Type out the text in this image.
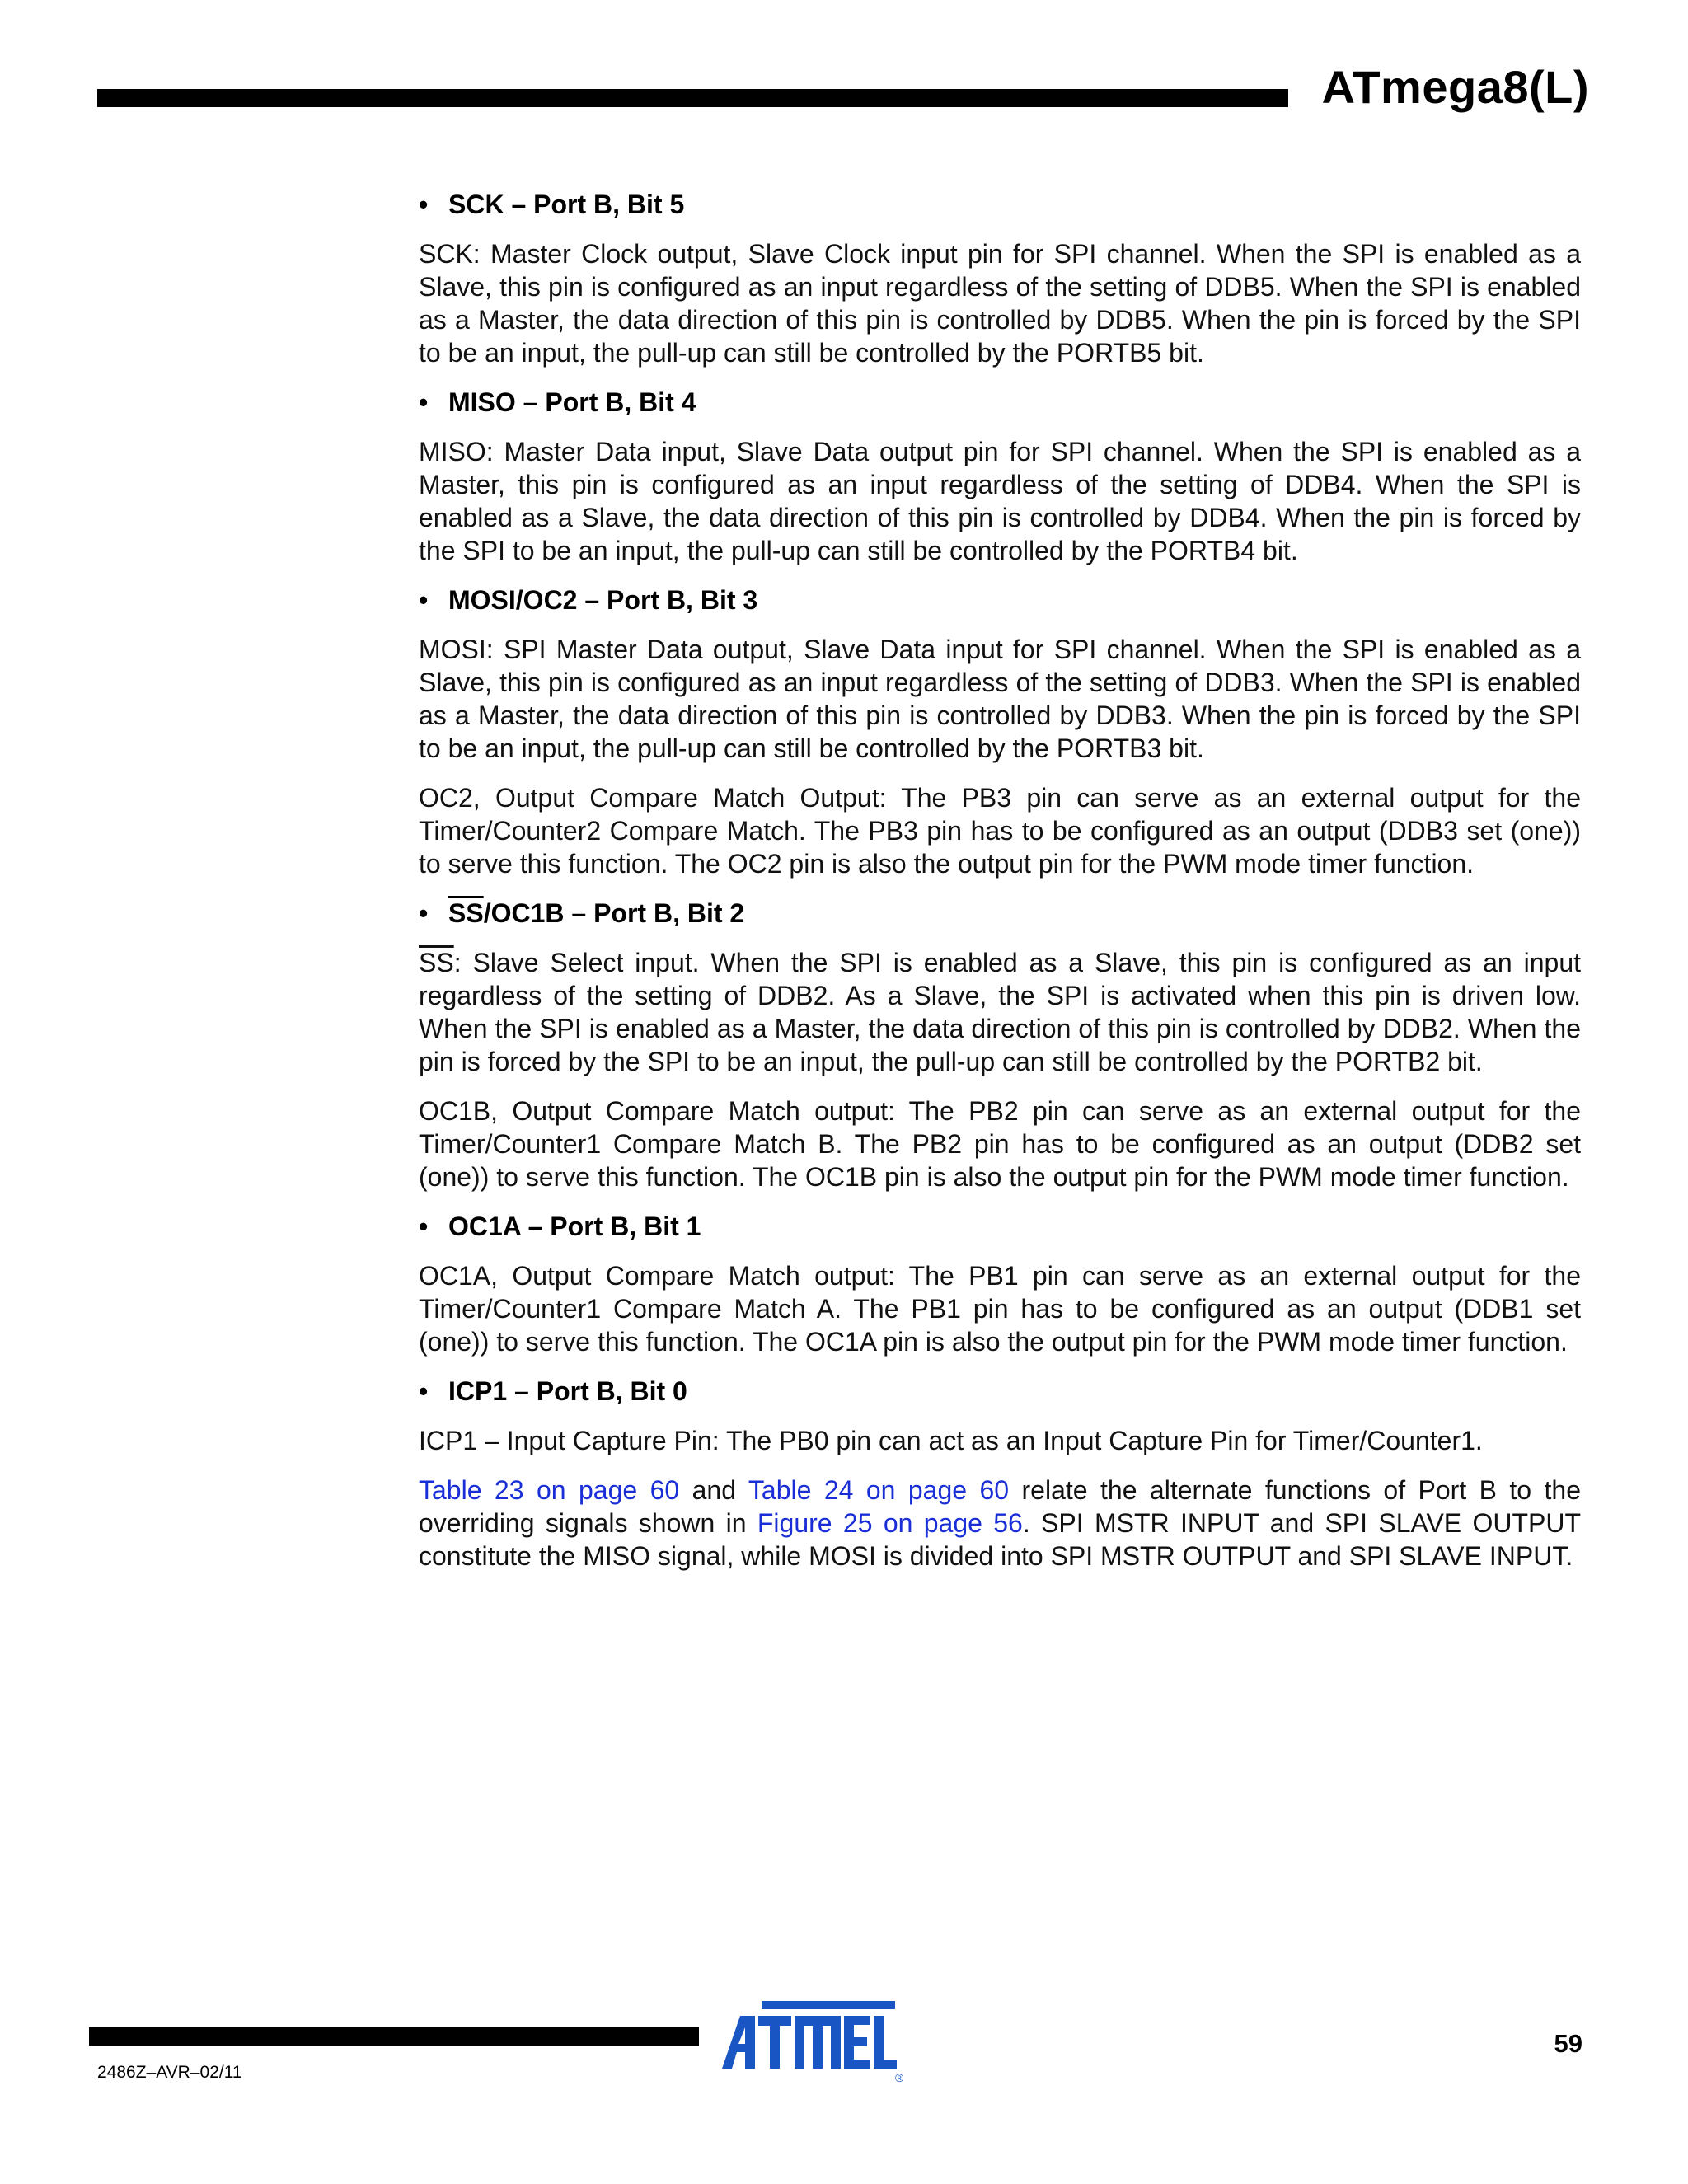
ATmega8(L)
• SCK – Port B, Bit 5

SCK: Master Clock output, Slave Clock input pin for SPI channel. When the SPI is enabled as a Slave, this pin is configured as an input regardless of the setting of DDB5. When the SPI is enabled as a Master, the data direction of this pin is controlled by DDB5. When the pin is forced by the SPI to be an input, the pull-up can still be controlled by the PORTB5 bit.

• MISO – Port B, Bit 4

MISO: Master Data input, Slave Data output pin for SPI channel. When the SPI is enabled as a Master, this pin is configured as an input regardless of the setting of DDB4. When the SPI is enabled as a Slave, the data direction of this pin is controlled by DDB4. When the pin is forced by the SPI to be an input, the pull-up can still be controlled by the PORTB4 bit.

• MOSI/OC2 – Port B, Bit 3

MOSI: SPI Master Data output, Slave Data input for SPI channel. When the SPI is enabled as a Slave, this pin is configured as an input regardless of the setting of DDB3. When the SPI is enabled as a Master, the data direction of this pin is controlled by DDB3. When the pin is forced by the SPI to be an input, the pull-up can still be controlled by the PORTB3 bit.

OC2, Output Compare Match Output: The PB3 pin can serve as an external output for the Timer/Counter2 Compare Match. The PB3 pin has to be configured as an output (DDB3 set (one)) to serve this function. The OC2 pin is also the output pin for the PWM mode timer function.

• $\overline{SS}/OC1B$ – Port B, Bit 2

$\overline{SS}$: Slave Select input. When the SPI is enabled as a Slave, this pin is configured as an input regardless of the setting of DDB2. As a Slave, the SPI is activated when this pin is driven low. When the SPI is enabled as a Master, the data direction of this pin is controlled by DDB2. When the pin is forced by the SPI to be an input, the pull-up can still be controlled by the PORTB2 bit.

OC1B, Output Compare Match output: The PB2 pin can serve as an external output for the Timer/Counter1 Compare Match B. The PB2 pin has to be configured as an output (DDB2 set (one)) to serve this function. The OC1B pin is also the output pin for the PWM mode timer function.

• OC1A – Port B, Bit 1

OC1A, Output Compare Match output: The PB1 pin can serve as an external output for the Timer/Counter1 Compare Match A. The PB1 pin has to be configured as an output (DDB1 set (one)) to serve this function. The OC1A pin is also the output pin for the PWM mode timer function.

• ICP1 – Port B, Bit 0

ICP1 – Input Capture Pin: The PB0 pin can act as an Input Capture Pin for Timer/Counter1.

Table 23 on page 60 and Table 24 on page 60 relate the alternate functions of Port B to the overriding signals shown in Figure 25 on page 56. SPI MSTR INPUT and SPI SLAVE OUTPUT constitute the MISO signal, while MOSI is divided into SPI MSTR OUTPUT and SPI SLAVE INPUT.

®
59
2486Z–AVR–02/11
